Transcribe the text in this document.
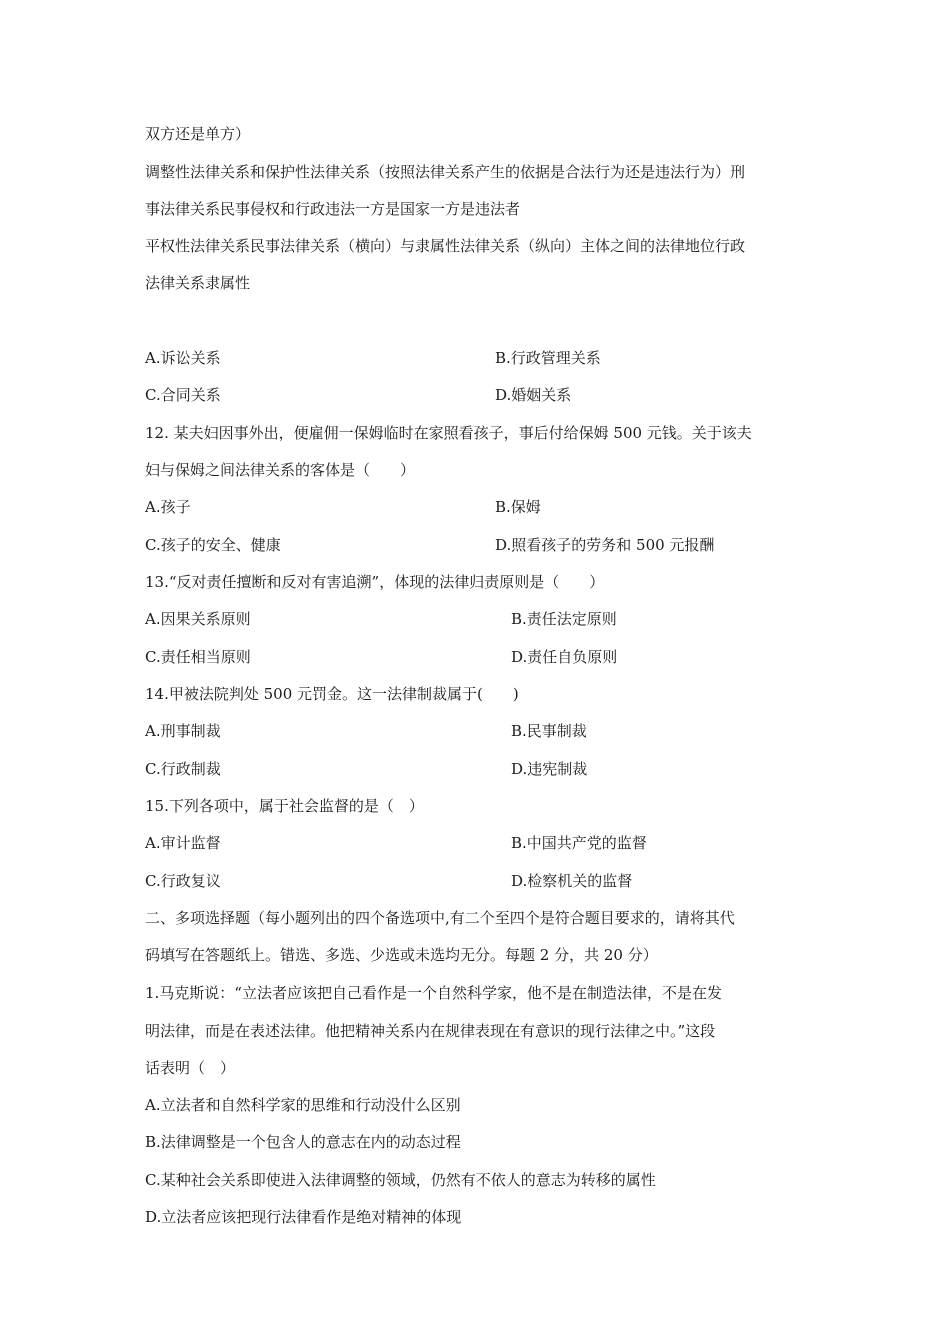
双方还是单方）
调整性法律关系和保护性法律关系（按照法律关系产生的依据是合法行为还是违法行为）刑
事法律关系民事侵权和行政违法一方是国家一方是违法者
平权性法律关系民事法律关系（横向）与隶属性法律关系（纵向）主体之间的法律地位行政
法律关系隶属性
A.诉讼关系	B.行政管理关系
C.合同关系	D.婚姻关系
12. 某夫妇因事外出，便雇佣一保姆临时在家照看孩子，事后付给保姆 500 元钱。关于该夫
妇与保姆之间法律关系的客体是（　　）
A.孩子	B.保姆
C.孩子的安全、健康	D.照看孩子的劳务和 500 元报酬
13.“反对责任擅断和反对有害追溯”，体现的法律归责原则是（　　）
A.因果关系原则	B.责任法定原则
C.责任相当原则	D.责任自负原则
14.甲被法院判处 500 元罚金。这一法律制裁属于(　　)
A.刑事制裁	B.民事制裁
C.行政制裁	D.违宪制裁
15.下列各项中，属于社会监督的是（　）
A.审计监督	B.中国共产党的监督
C.行政复议	D.检察机关的监督
二、多项选择题（每小题列出的四个备选项中,有二个至四个是符合题目要求的，请将其代
码填写在答题纸上。错选、多选、少选或未选均无分。每题 2 分，共 20 分）
1.马克斯说：“立法者应该把自己看作是一个自然科学家，他不是在制造法律，不是在发
明法律，而是在表述法律。他把精神关系内在规律表现在有意识的现行法律之中。”这段
话表明（　）
A.立法者和自然科学家的思维和行动没什么区别
B.法律调整是一个包含人的意志在内的动态过程
C.某种社会关系即使进入法律调整的领域，仍然有不依人的意志为转移的属性
D.立法者应该把现行法律看作是绝对精神的体现
